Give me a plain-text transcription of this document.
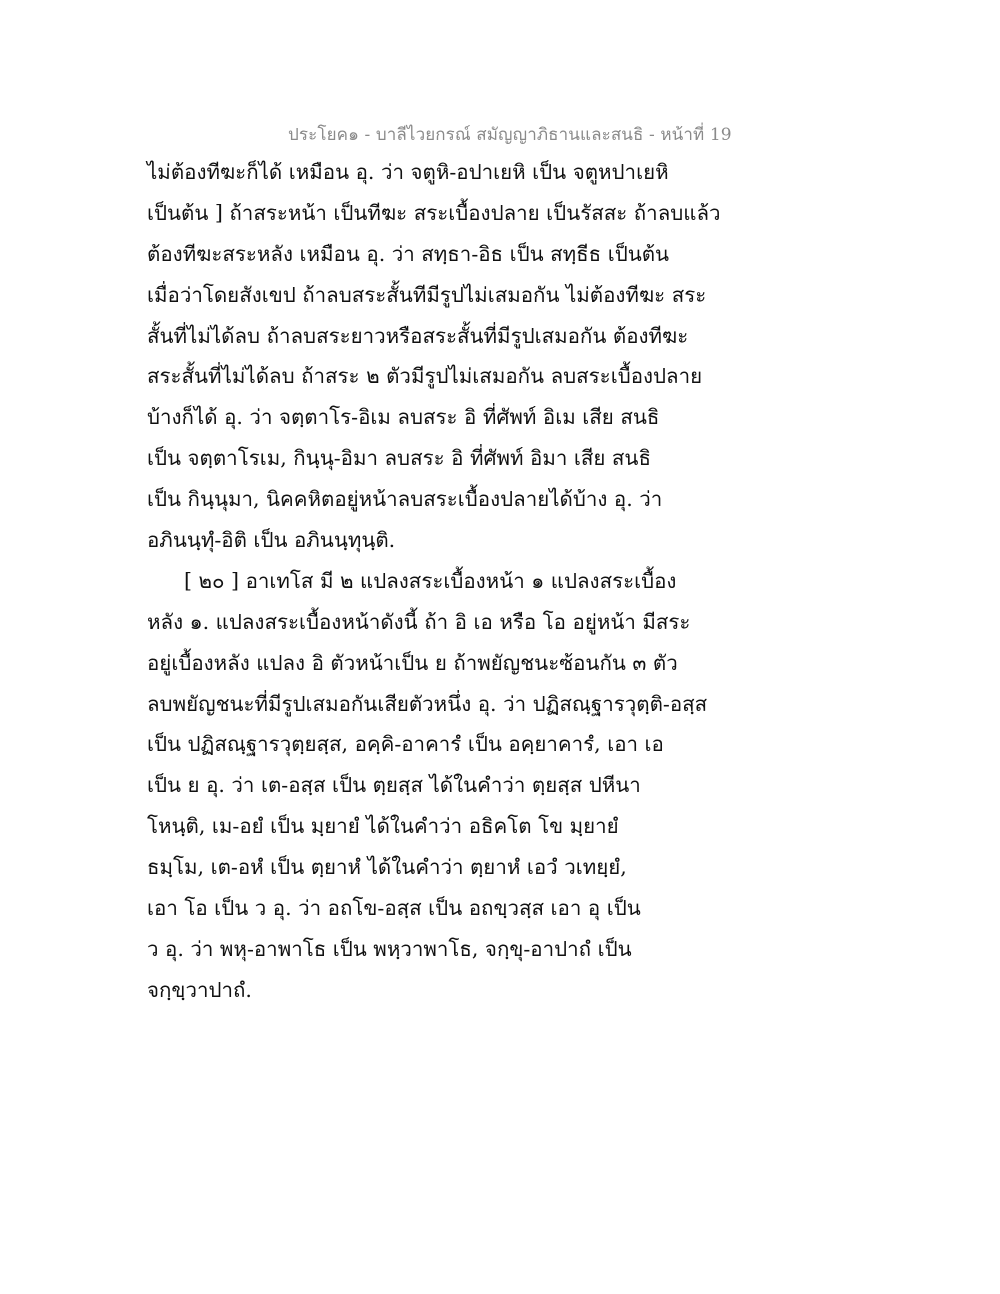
ประโยค๑ - บาลีไวยกรณ์ สมัญญาภิธานและสนธิ - หน้าที่ 19
ไม่ต้องทีฆะก็ได้ เหมือน อุ. ว่า จตูหิ-อปาเยหิ เป็น จตูหปาเยหิ
เป็นต้น ] ถ้าสระหน้า เป็นทีฆะ สระเบื้องปลาย เป็นรัสสะ ถ้าลบแล้ว
ต้องทีฆะสระหลัง เหมือน อุ. ว่า สทฺธา-อิธ เป็น สทฺธีธ เป็นต้น
เมื่อว่าโดยสังเขป ถ้าลบสระสั้นทีมีรูปไม่เสมอกัน ไม่ต้องทีฆะ สระ
สั้นที่ไม่ได้ลบ ถ้าลบสระยาวหรือสระสั้นที่มีรูปเสมอกัน ต้องทีฆะ
สระสั้นที่ไม่ได้ลบ ถ้าสระ ๒ ตัวมีรูปไม่เสมอกัน ลบสระเบื้องปลาย
บ้างก็ได้ อุ. ว่า จตฺตาโร-อิเม ลบสระ อิ ที่ศัพท์ อิเม เสีย สนธิ
เป็น จตฺตาโรเม, กินฺนุ-อิมา ลบสระ อิ ที่ศัพท์ อิมา เสีย สนธิ
เป็น กินฺนุมา, นิคคหิตอยู่หน้าลบสระเบื้องปลายได้บ้าง อุ. ว่า
อภินนฺทุํ-อิติ เป็น อภินนฺทุนฺติ.
[ ๒๐ ] อาเทโส มี ๒ แปลงสระเบื้องหน้า ๑ แปลงสระเบื้อง
หลัง ๑. แปลงสระเบื้องหน้าดังนี้ ถ้า อิ เอ หรือ โอ อยู่หน้า มีสระ
อยู่เบื้องหลัง แปลง อิ ตัวหน้าเป็น ย ถ้าพยัญชนะซ้อนกัน ๓ ตัว
ลบพยัญชนะที่มีรูปเสมอกันเสียตัวหนึ่ง อุ. ว่า ปฏิสณฺฐารวุตฺติ-อสฺส
เป็น ปฏิสณฺฐารวุตฺยสฺส, อคฺคิ-อาคารํ เป็น อคฺยาคารํ, เอา เอ
เป็น ย อุ. ว่า เต-อสฺส เป็น ตฺยสฺส ได้ในคำว่า ตฺยสฺส ปหีนา
โหนฺติ, เม-อยํ เป็น มฺยายํ ได้ในคำว่า อธิคโต โข มฺยายํ
ธมฺโม, เต-อหํ เป็น ตฺยาหํ ได้ในคำว่า ตฺยาหํ เอวํ วเทยฺยํ,
เอา โอ เป็น ว อุ. ว่า อถโข-อสฺส เป็น อถขฺวสฺส เอา อุ เป็น
ว อุ. ว่า พหุ-อาพาโธ เป็น พหฺวาพาโธ, จกฺขุ-อาปาถํ เป็น
จกฺขฺวาปาถํ.
